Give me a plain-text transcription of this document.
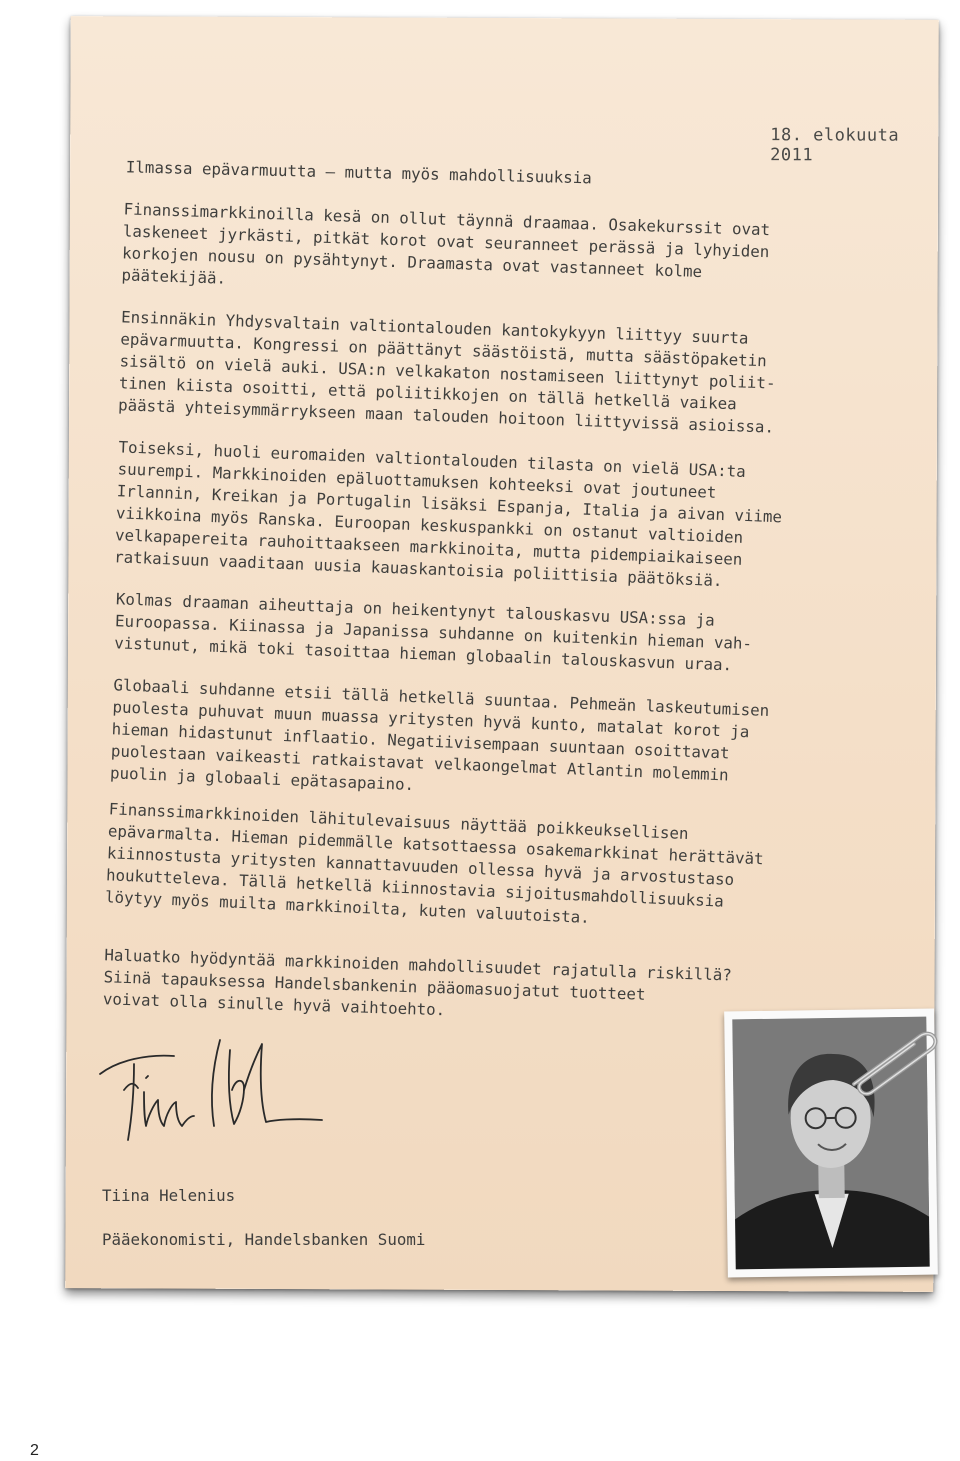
18. elokuuta 2011

Ilmassa epävarmuutta – mutta myös mahdollisuuksia

Finanssimarkkinoilla kesä on ollut täynnä draamaa. Osakekurssit ovat
laskeneet jyrkästi, pitkät korot ovat seuranneet perässä ja lyhyiden
korkojen nousu on pysähtynyt. Draamasta ovat vastanneet kolme
päätekijää.

Ensinnäkin Yhdysvaltain valtiontalouden kantokykyyn liittyy suurta
epävarmuutta. Kongressi on päättänyt säästöistä, mutta säästöpaketin
sisältö on vielä auki. USA:n velkakaton nostamiseen liittynyt poliit-
tinen kiista osoitti, että poliitikkojen on tällä hetkellä vaikea
päästä yhteisymmärrykseen maan talouden hoitoon liittyvissä asioissa.

Toiseksi, huoli euromaiden valtiontalouden tilasta on vielä USA:ta
suurempi. Markkinoiden epäluottamuksen kohteeksi ovat joutuneet
Irlannin, Kreikan ja Portugalin lisäksi Espanja, Italia ja aivan viime
viikkoina myös Ranska. Euroopan keskuspankki on ostanut valtioiden
velkapapereita rauhoittaakseen markkinoita, mutta pidempiaikaiseen
ratkaisuun vaaditaan uusia kauaskantoisia poliittisia päätöksiä.

Kolmas draaman aiheuttaja on heikentynyt talouskasvu USA:ssa ja
Euroopassa. Kiinassa ja Japanissa suhdanne on kuitenkin hieman vah-
vistunut, mikä toki tasoittaa hieman globaalin talouskasvun uraa.

Globaali suhdanne etsii tällä hetkellä suuntaa. Pehmeän laskeutumisen
puolesta puhuvat muun muassa yritysten hyvä kunto, matalat korot ja
hieman hidastunut inflaatio. Negatiivisempaan suuntaan osoittavat
puolestaan vaikeasti ratkaistavat velkaongelmat Atlantin molemmin
puolin ja globaali epätasapaino.

Finanssimarkkinoiden lähitulevaisuus näyttää poikkeuksellisen
epävarmalta. Hieman pidemmälle katsottaessa osakemarkkinat herättävät
kiinnostusta yritysten kannattavuuden ollessa hyvä ja arvostustaso
houkutteleva. Tällä hetkellä kiinnostavia sijoitusmahdollisuuksia
löytyy myös muilta markkinoilta, kuten valuutoista.

Haluatko hyödyntää markkinoiden mahdollisuudet rajatulla riskillä?
Siinä tapauksessa Handelsbankenin pääomasuojatut tuotteet
voivat olla sinulle hyvä vaihtoehto.

Tiina Helenius

Pääekonomisti, Handelsbanken Suomi

2
